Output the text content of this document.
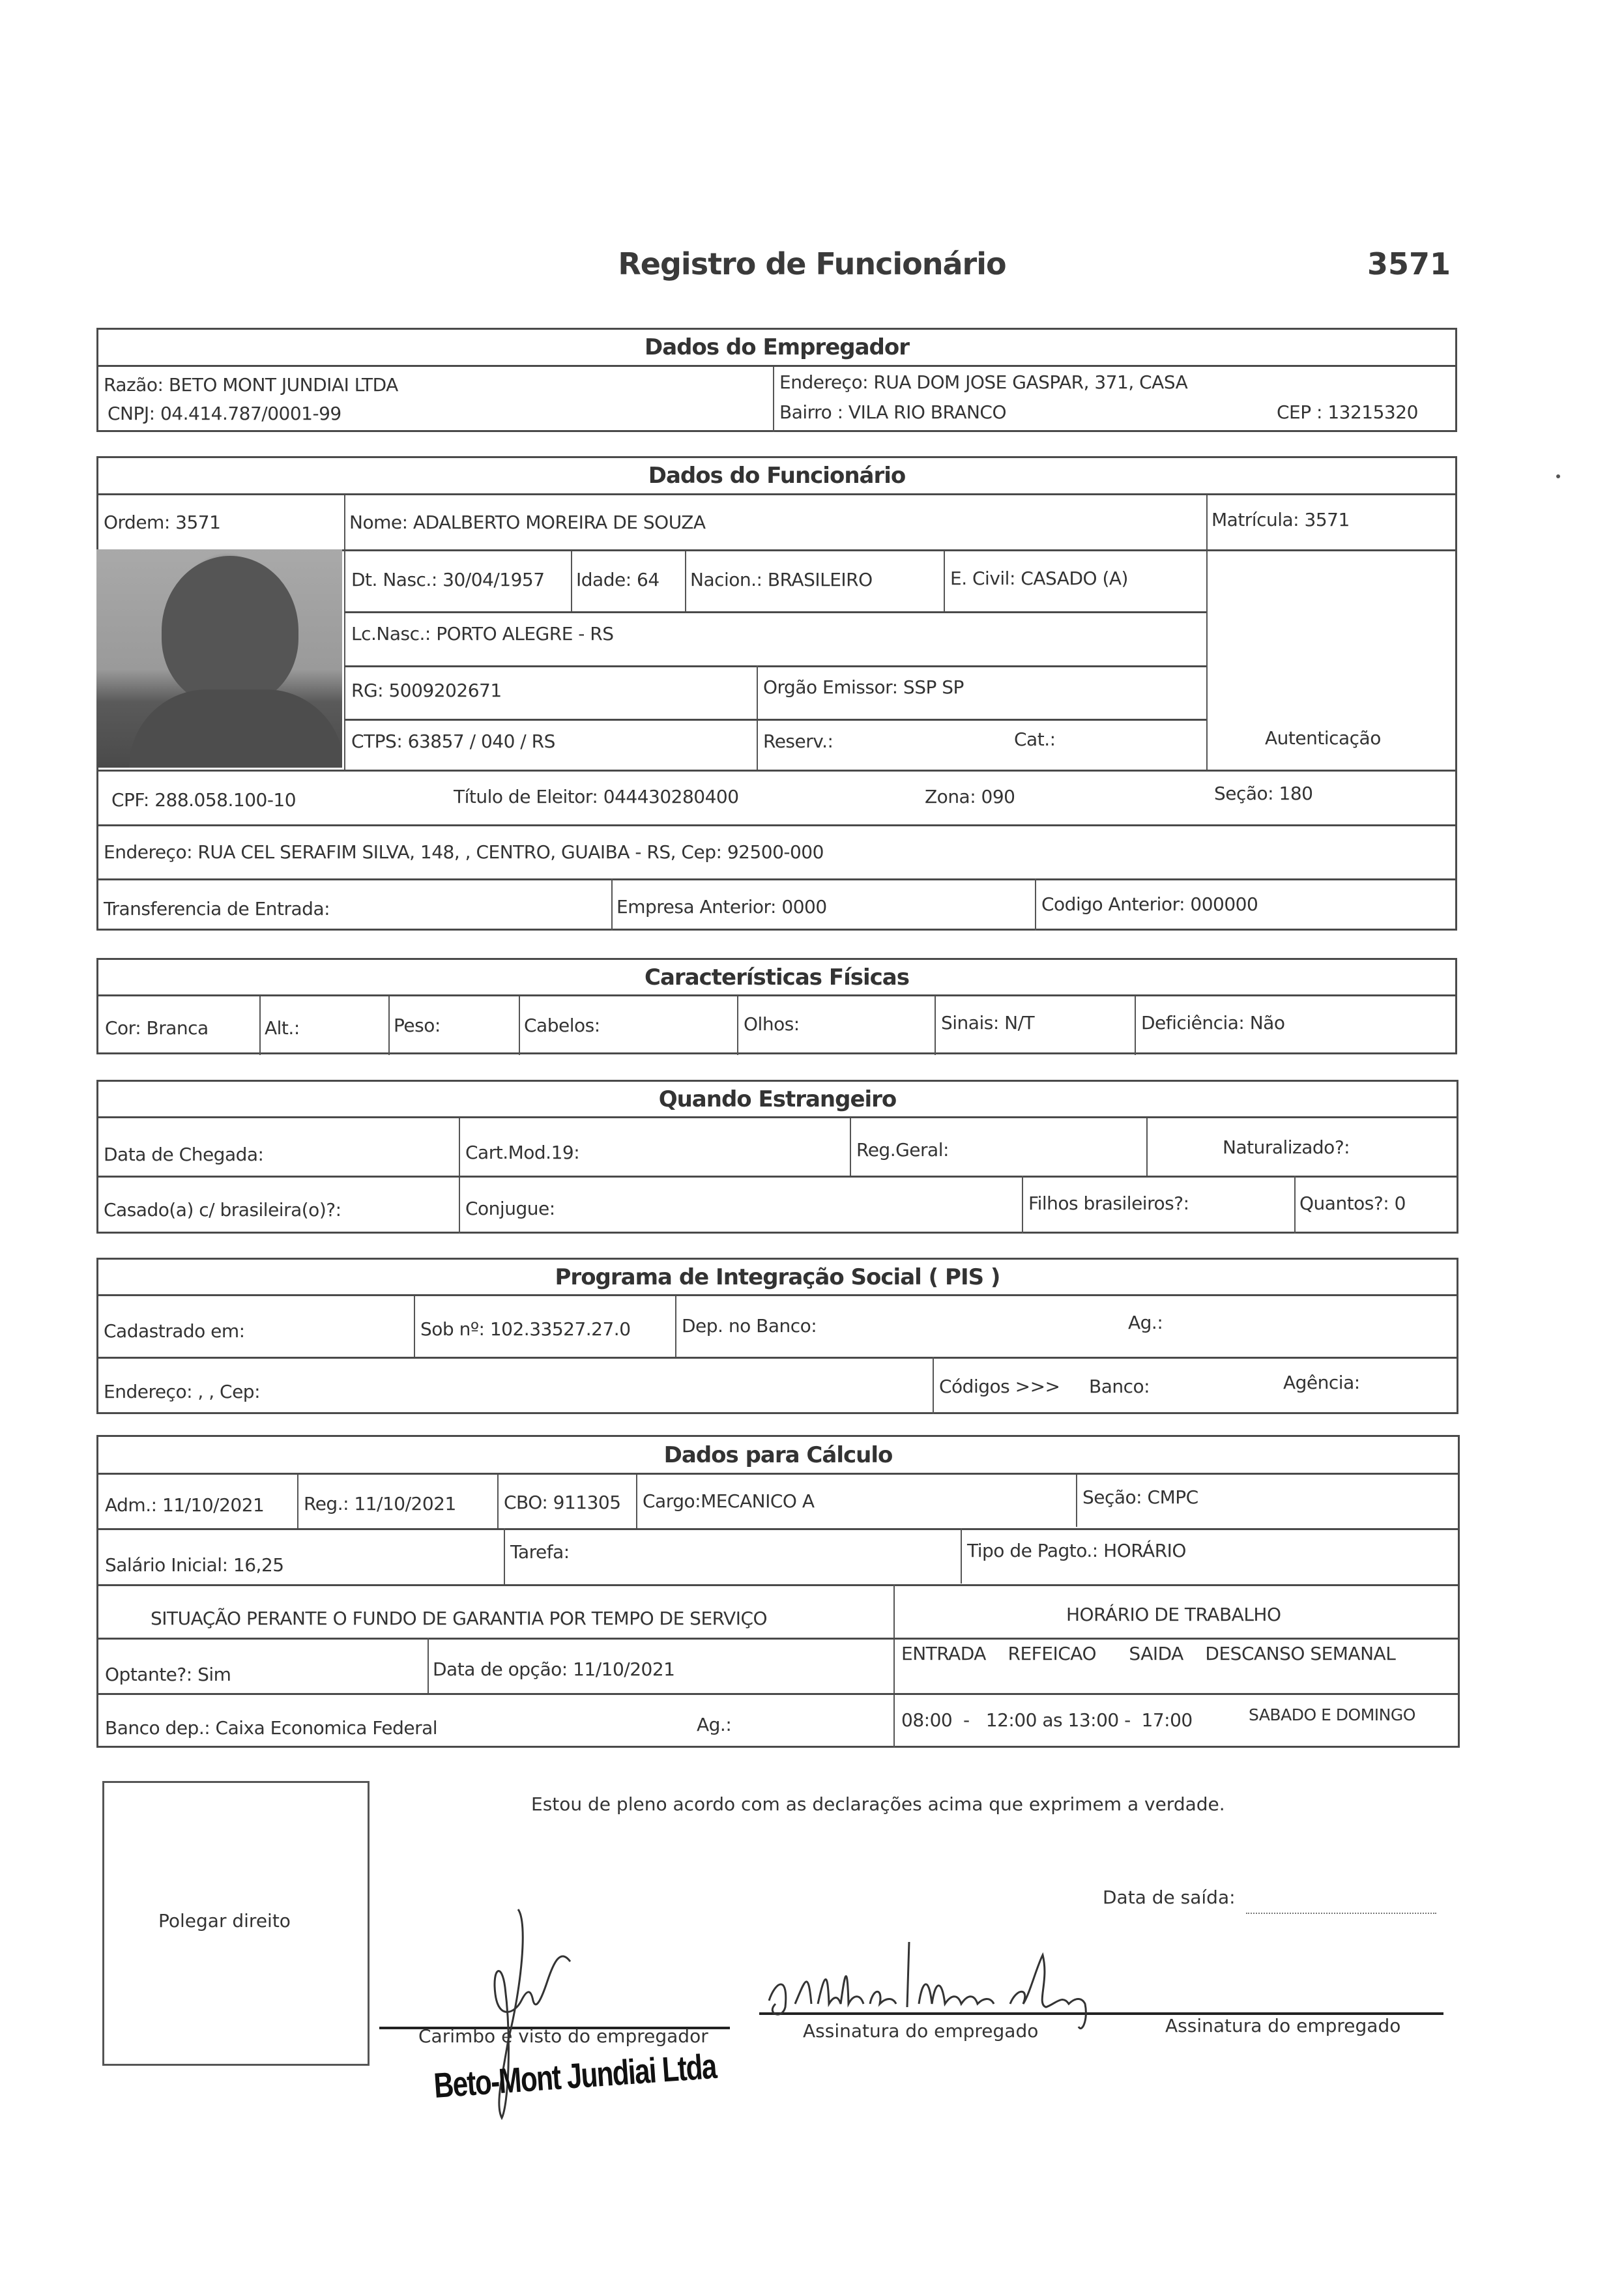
Registro de Funcionário	3571
Dados do Empregador
Razão: BETO MONT JUNDIAI LTDA
CNPJ: 04.414.787/0001-99
Endereço: RUA DOM JOSE GASPAR, 371, CASA
Bairro : VILA RIO BRANCO	CEP : 13215320
Dados do Funcionário
Ordem: 3571	Nome: ADALBERTO MOREIRA DE SOUZA	Matrícula: 3571
Autenticação
Dt. Nasc.: 30/04/1957 Idade: 64 Nacion.: BRASILEIRO	E. Civil: CASADO (A)
Lc.Nasc.: PORTO ALEGRE - RS
RG: 5009202671	Orgão Emissor: SSP SP
CTPS: 63857 / 040 / RS	Reserv.:	Cat.:
CPF: 288.058.100-10	Título de Eleitor: 044430280400	Zona: 090	Seção: 180
Endereço: RUA CEL SERAFIM SILVA, 148, , CENTRO, GUAIBA - RS, Cep: 92500-000
Transferencia de Entrada:	Empresa Anterior: 0000	Codigo Anterior: 000000
Características Físicas
Cor: Branca	Alt.:	Peso:	Cabelos:	Olhos:	Sinais: N/T	Deficiência: Não
Quando Estrangeiro
Data de Chegada:	Cart.Mod.19:	Reg.Geral:	Naturalizado?:
Casado(a) c/ brasileira(o)?:	Conjugue:	Filhos brasileiros?:	Quantos?: 0
Programa de Integração Social ( PIS )
Cadastrado em:	Sob nº: 102.33527.27.0	Dep. no Banco:	Ag.:
Endereço: , , Cep:	Códigos >>> Banco:	Agência:
Dados para Cálculo
Adm.: 11/10/2021 Reg.: 11/10/2021	CBO: 911305 Cargo:MECANICO A	Seção: CMPC
Salário Inicial: 16,25
Tarefa:	Tipo de Pagto.: HORÁRIO
SITUAÇÃO PERANTE O FUNDO DE GARANTIA POR TEMPO DE SERVIÇO	HORÁRIO DE TRABALHO
Optante?: Sim	Data de opção: 11/10/2021
ENTRADA    REFEICAO      SAIDA    DESCANSO SEMANAL
Banco dep.: Caixa Economica Federal	Ag.:	08:00  -   12:00 as 13:00 -  17:00	SABADO E DOMINGO
Estou de pleno acordo com as declarações acima que exprimem a verdade.
Data de saída:
Polegar direito
Carimbo e visto do empregador	Assinatura do empregado	Assinatura do empregado
Beto-Mont Jundiai Ltda
